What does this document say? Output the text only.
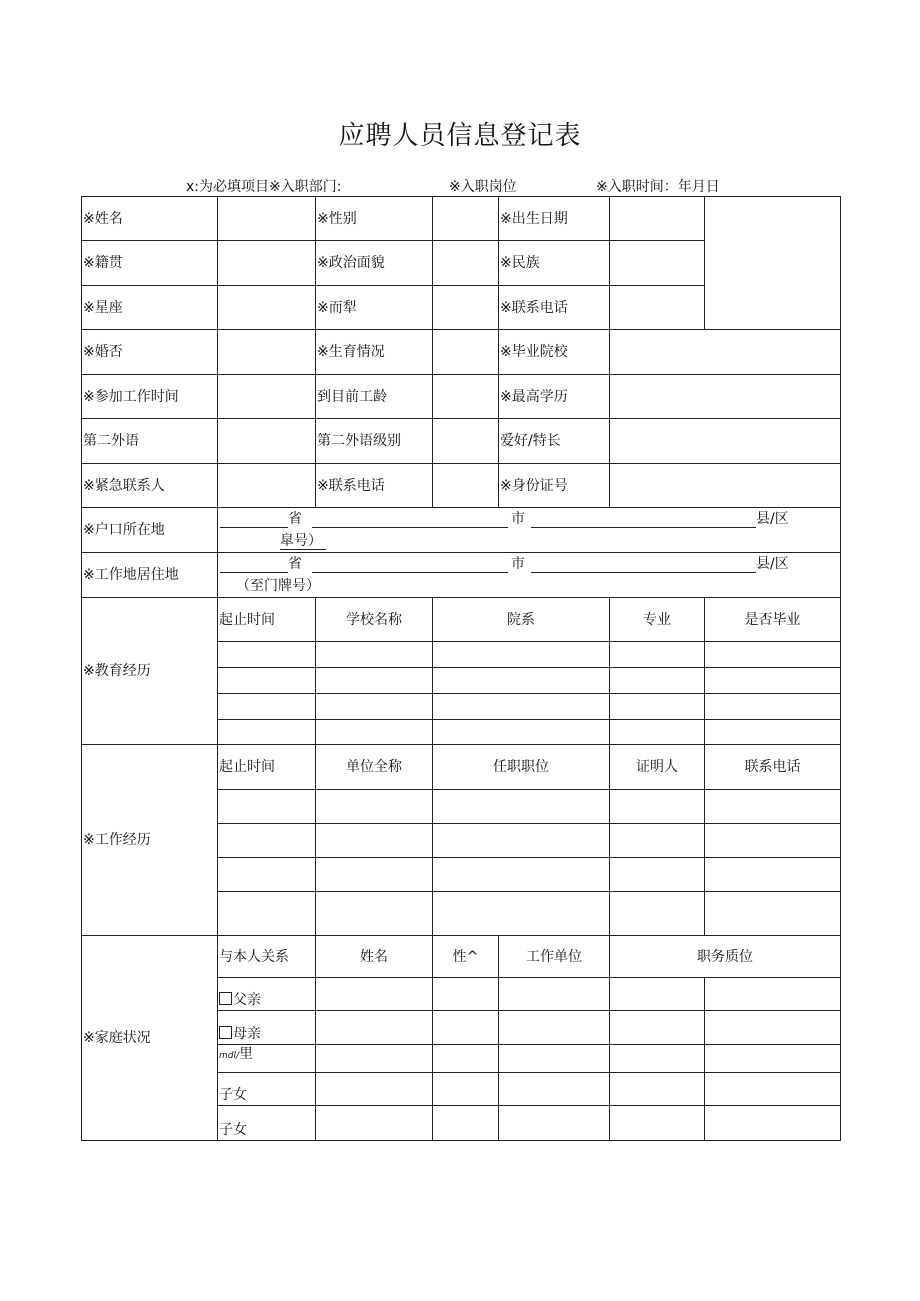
应聘人员信息登记表
x:为必填项目※入职部门:	※入职岗位	※入职时间：年月日
※姓名		※性别		※出生日期		
※籍贯		※政治面貌		※民族		
※星座		※而犁		※联系电话		
※婚否		※生育情况		※毕业院校		
※参加工作时间		到目前工龄		※最高学历		
第二外语		第二外语级别		爱好/特长		
※紧急联系人		※联系电话		※身份证号		
※户口所在地	省 市 县/区
皐号）					

※工作地居住地	省 市 县/区
（至门牌号）					

※教育经历	起止时间	学校名称	院系		专业	是否毕业

※工作经历	起止时间	单位全称	任职职位		证明人	联系电话

※家庭状况	与本人关系	姓名	性^	工作单位	职务质位	
	父亲					
	母亲					
	mdl/里					
	子女					
	子女					
